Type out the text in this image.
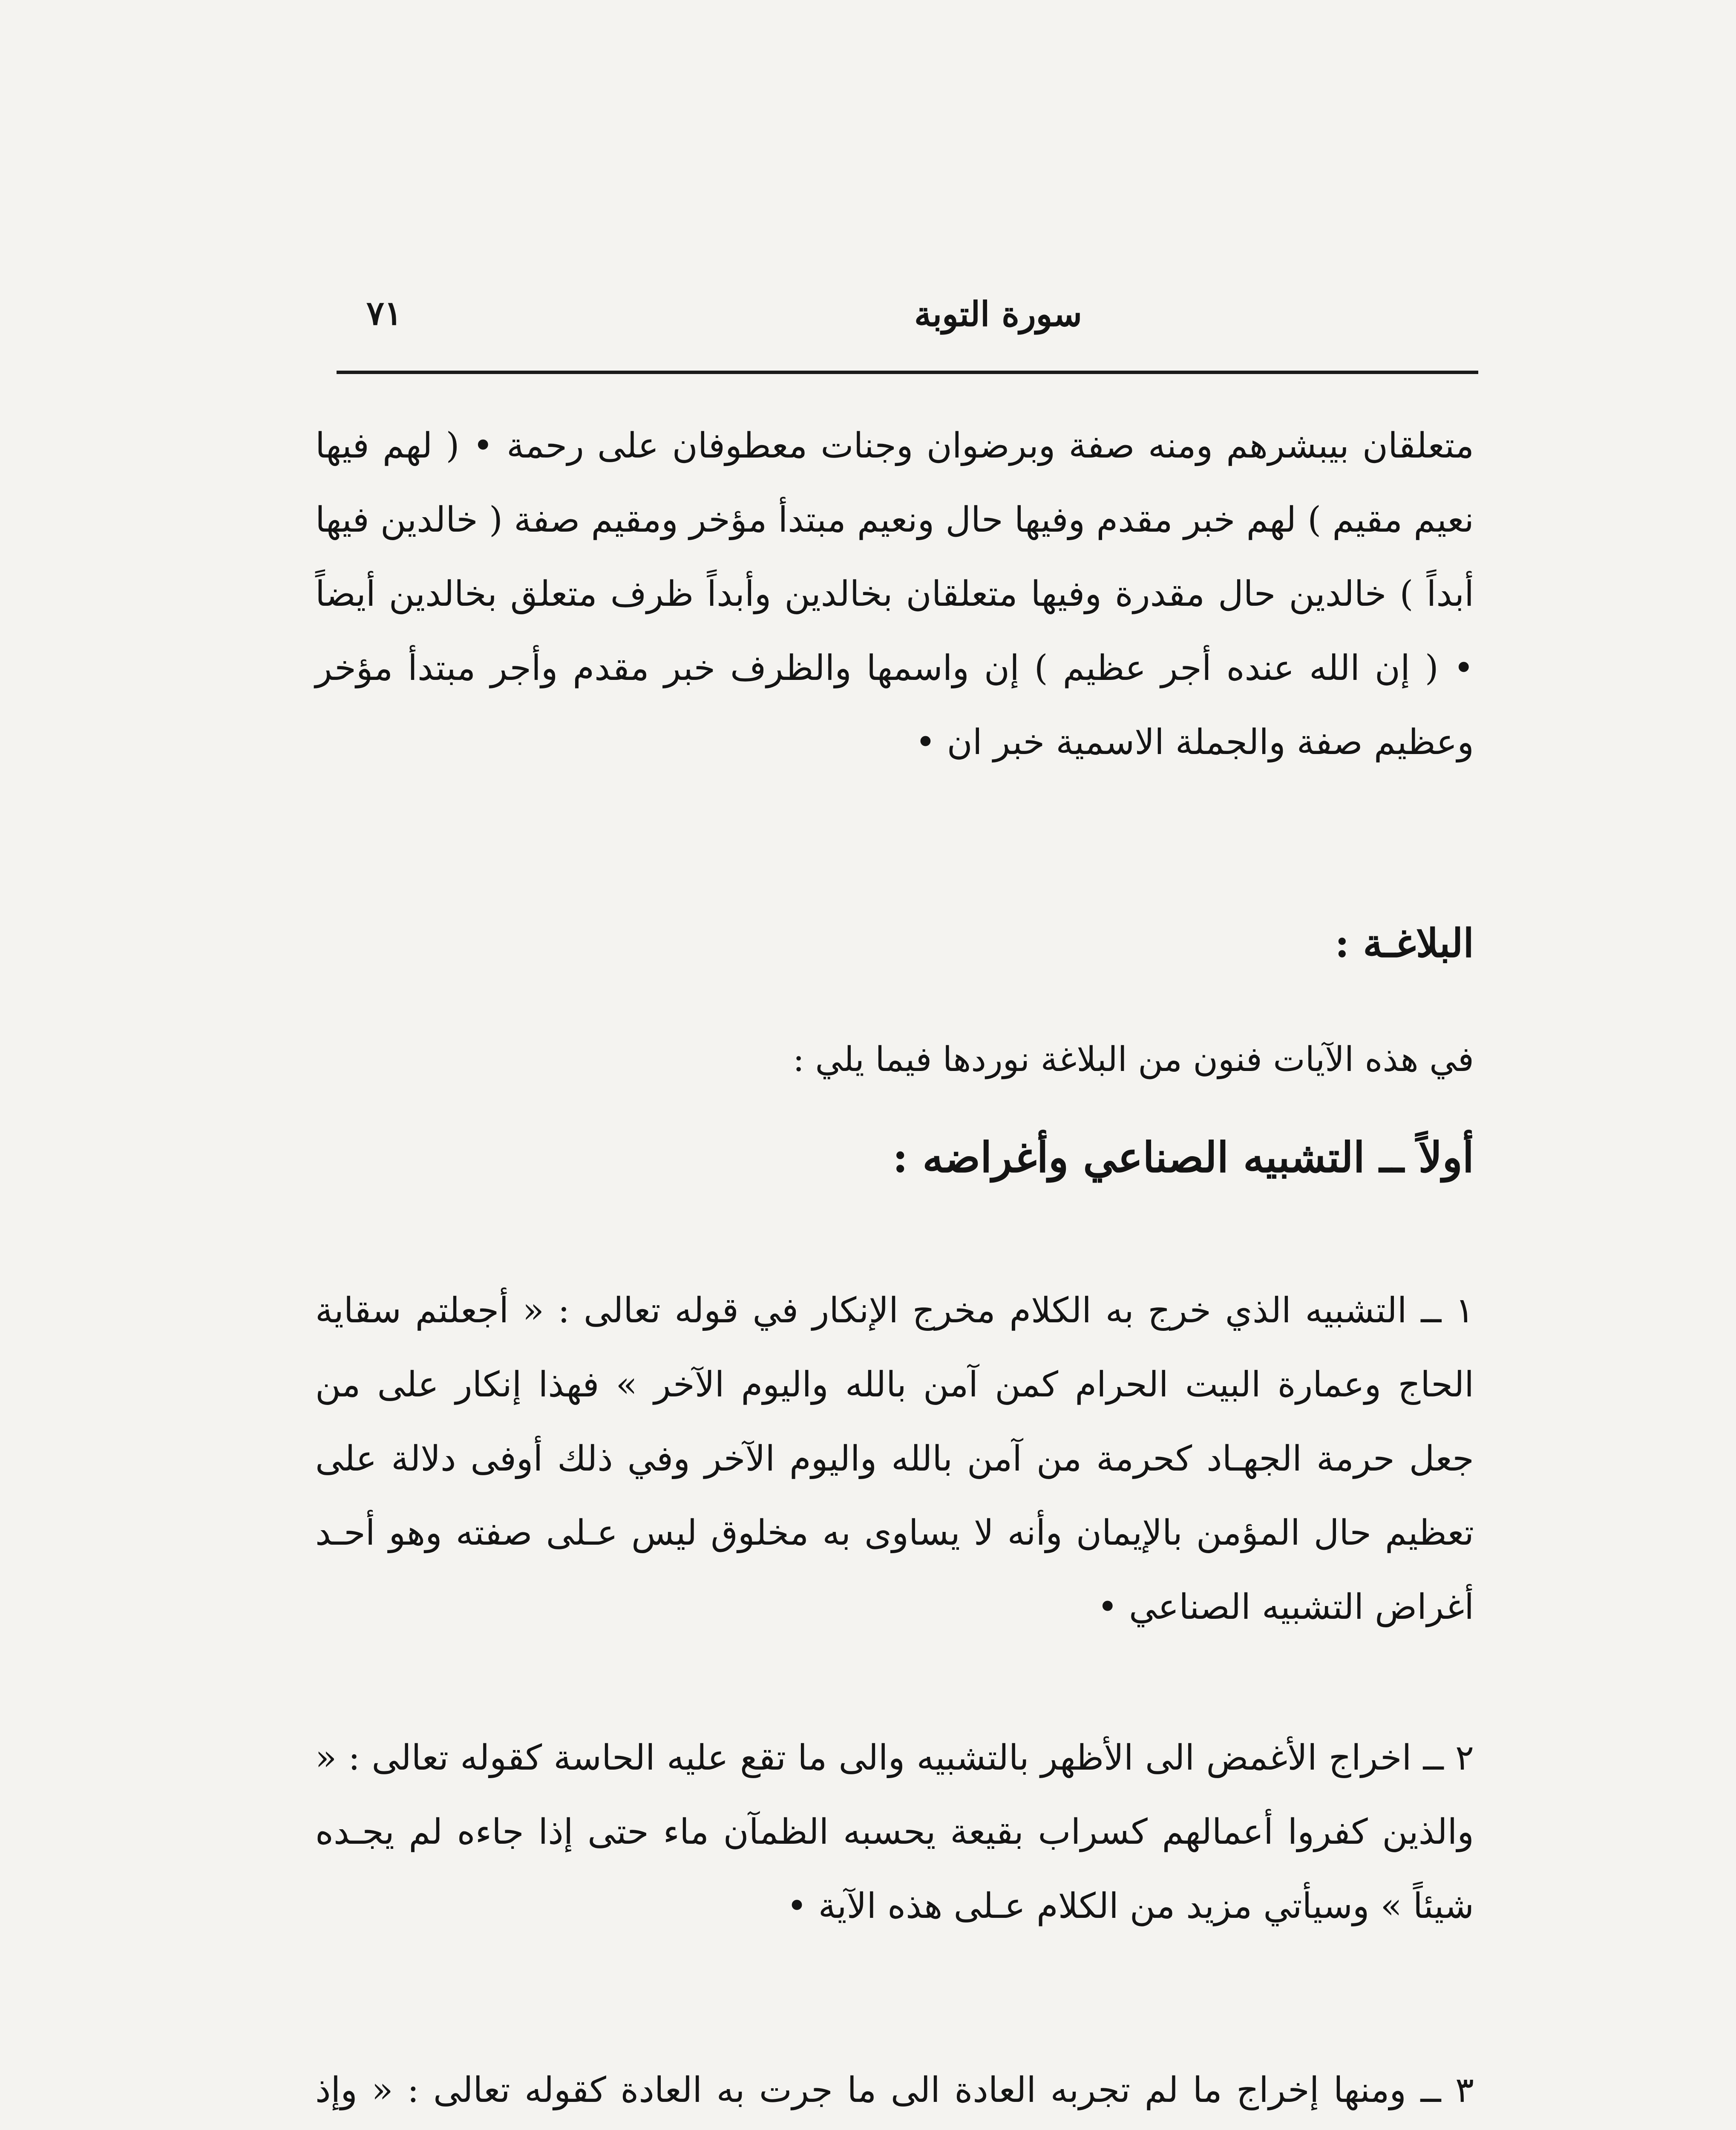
سورة التوبة
٧١
متعلقان بيبشرهم ومنه صفة وبرضوان وجنات معطوفان على رحمة • ( لهم فيها نعيم مقيم ) لهم خبر مقدم وفيها حال ونعيم مبتدأ مؤخر ومقيم صفة ( خالدين فيها أبداً ) خالدين حال مقدرة وفيها متعلقان بخالدين وأبداً ظرف متعلق بخالدين أيضاً • ( إن الله عنده أجر عظيم ) إن واسمها والظرف خبر مقدم وأجر مبتدأ مؤخر وعظيم صفة والجملة الاسمية خبر ان •
البلاغـة :
في هذه الآيات فنون من البلاغة نوردها فيما يلي :
أولاً ــ التشبيه الصناعي وأغراضه :
١ ــ التشبيه الذي خرج به الكلام مخرج الإنكار في قوله تعالى : « أجعلتم سقاية الحاج وعمارة البيت الحرام كمن آمن بالله واليوم الآخر » فهذا إنكار على من جعل حرمة الجهـاد كحرمة من آمن بالله واليوم الآخر وفي ذلك أوفى دلالة على تعظيم حال المؤمن بالإيمان وأنه لا يساوى به مخلوق ليس عـلى صفته وهو أحـد أغراض التشبيه الصناعي •
٢ ــ اخراج الأغمض الى الأظهر بالتشبيه والى ما تقع عليه الحاسة كقوله تعالى : « والذين كفروا أعمالهم كسراب بقيعة يحسبه الظمآن ماء حتى إذا جاءه لم يجـده شيئاً » وسيأتي مزيد من الكلام عـلى هذه الآية •
٣ ــ ومنها إخراج ما لم تجربه العادة الى ما جرت به العادة كقوله تعالى : « وإذ
